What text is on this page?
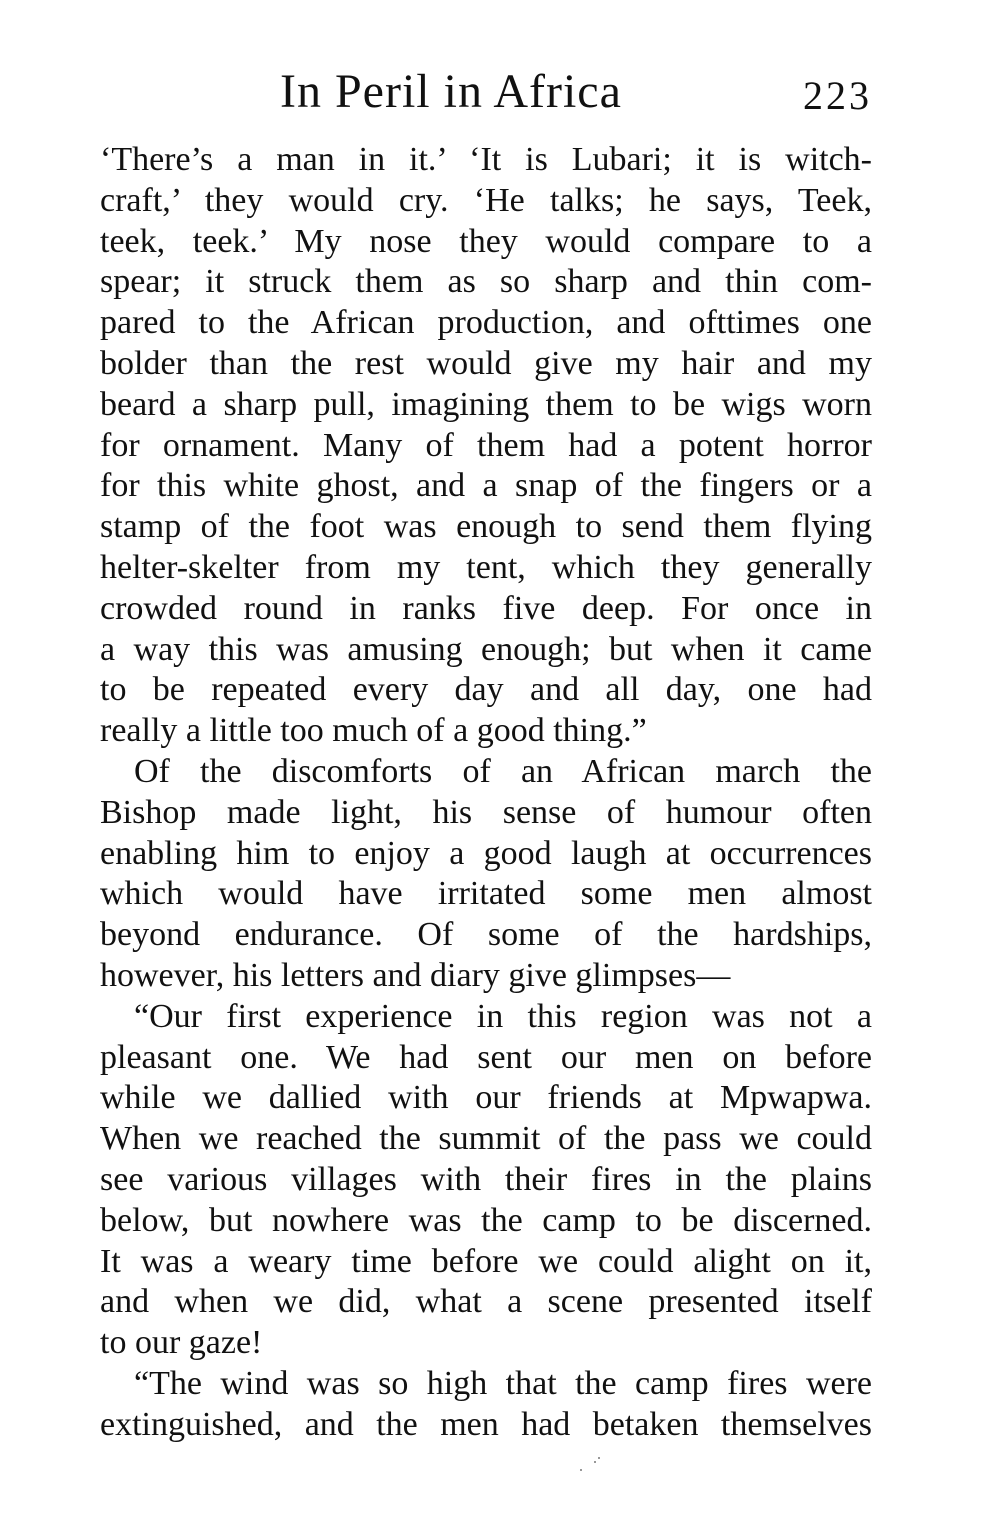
In Peril in Africa	223
‘There’s a man in it.’ ‘It is Lubari; it is witch-
craft,’ they would cry. ‘He talks; he says, Teek,
teek, teek.’ My nose they would compare to a
spear; it struck them as so sharp and thin com-
pared to the African production, and ofttimes one
bolder than the rest would give my hair and my
beard a sharp pull, imagining them to be wigs worn
for ornament. Many of them had a potent horror
for this white ghost, and a snap of the fingers or a
stamp of the foot was enough to send them flying
helter-skelter from my tent, which they generally
crowded round in ranks five deep. For once in
a way this was amusing enough; but when it came
to be repeated every day and all day, one had
really a little too much of a good thing.”
Of the discomforts of an African march the
Bishop made light, his sense of humour often
enabling him to enjoy a good laugh at occurrences
which would have irritated some men almost
beyond endurance. Of some of the hardships,
however, his letters and diary give glimpses—
“Our first experience in this region was not a
pleasant one. We had sent our men on before
while we dallied with our friends at Mpwapwa.
When we reached the summit of the pass we could
see various villages with their fires in the plains
below, but nowhere was the camp to be discerned.
It was a weary time before we could alight on it,
and when we did, what a scene presented itself
to our gaze!
“The wind was so high that the camp fires were
extinguished, and the men had betaken themselves
